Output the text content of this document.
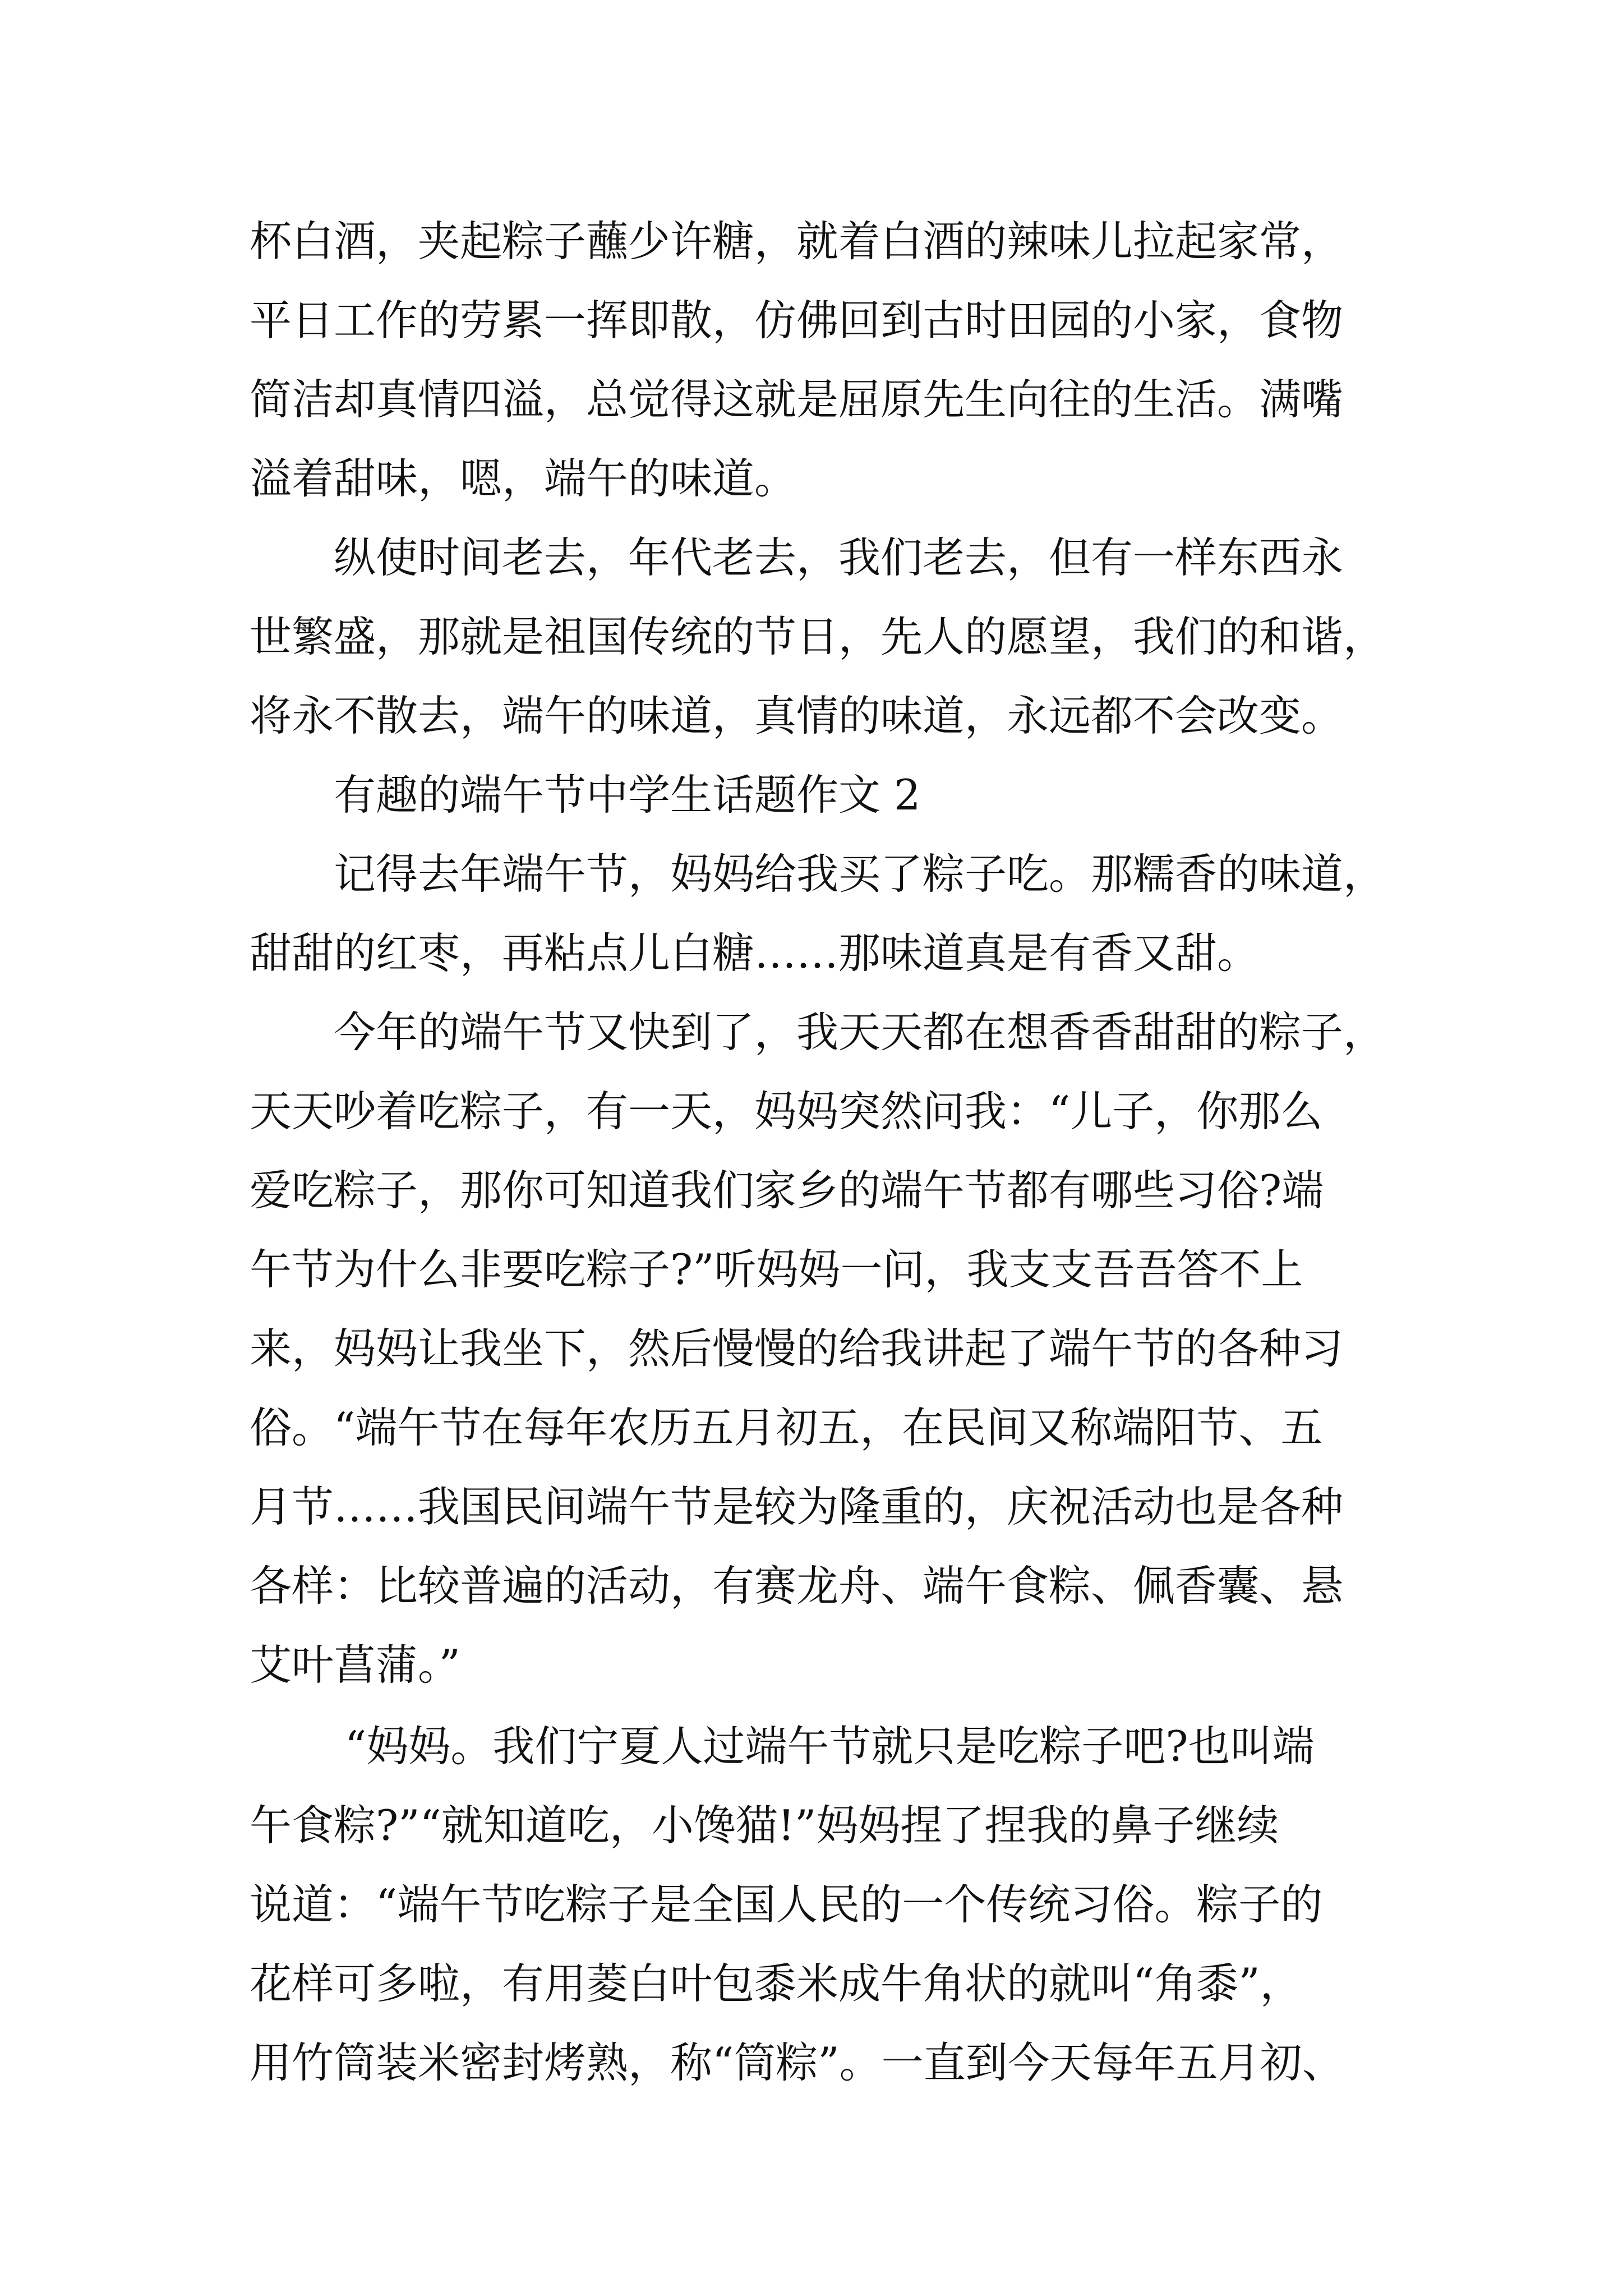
杯白酒，夹起粽子蘸少许糖，就着白酒的辣味儿拉起家常，
平日工作的劳累一挥即散，仿佛回到古时田园的小家，食物
简洁却真情四溢，总觉得这就是屈原先生向往的生活。满嘴
溢着甜味，嗯，端午的味道。
纵使时间老去，年代老去，我们老去，但有一样东西永
世繁盛，那就是祖国传统的节日，先人的愿望，我们的和谐，
将永不散去，端午的味道，真情的味道，永远都不会改变。
有趣的端午节中学生话题作文 2
记得去年端午节，妈妈给我买了粽子吃。那糯香的味道，
甜甜的红枣，再粘点儿白糖……那味道真是有香又甜。
今年的端午节又快到了，我天天都在想香香甜甜的粽子，
天天吵着吃粽子，有一天，妈妈突然问我：“儿子，你那么
爱吃粽子，那你可知道我们家乡的端午节都有哪些习俗?端
午节为什么非要吃粽子?”听妈妈一问，我支支吾吾答不上
来，妈妈让我坐下，然后慢慢的给我讲起了端午节的各种习
俗。“端午节在每年农历五月初五，在民间又称端阳节、五
月节……我国民间端午节是较为隆重的，庆祝活动也是各种
各样：比较普遍的活动，有赛龙舟、端午食粽、佩香囊、悬
艾叶菖蒲。”
“妈妈。我们宁夏人过端午节就只是吃粽子吧?也叫端
午食粽?”“就知道吃，小馋猫!”妈妈捏了捏我的鼻子继续
说道：“端午节吃粽子是全国人民的一个传统习俗。粽子的
花样可多啦，有用菱白叶包黍米成牛角状的就叫“角黍”，
用竹筒装米密封烤熟，称“筒粽”。一直到今天每年五月初、
